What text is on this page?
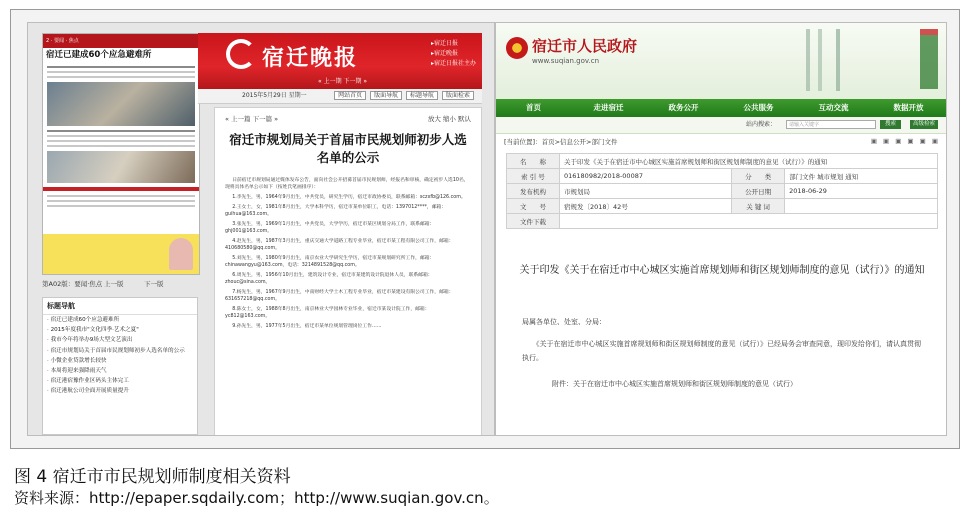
2 · 要闻 · 焦点
宿迁已建成60个应急避难所	宿迁晚报
▸宿迁日报
▸宿迁晚报
▸宿迁日报社主办
« 上一期 下一期 »
2015年5月29日 星期一	网站首页 版面导航 标题导航 版面检索
« 上一篇 下一篇 »	放大 缩小 默认
宿迁市规划局关于首届市民规划师初步人选名单的公示

日前宿迁市规划局通过媒体发布公告，面向社会公开招募首届市民规划师，经报名和审核，确定初步人选10名，现将具体名单公示如下（按姓氏笔画排序）：

1.李先生，男，1964年9月出生，中共党员，研究生学历，宿迁市政协委员，联系邮箱：sczxfb@126.com。

2.王女士，女，1981年8月出生，大学本科学历，宿迁市某单位职工，电话：1397012****，邮箱：guihua@163.com。

3.张先生，男，1969年1月出生，中共党员，大学学历，宿迁市某区规划分局工作，联系邮箱：ghj001@163.com。

4.赵先生，男，1987年3月出生，重庆交通大学道路工程专业毕业，宿迁市某工程有限公司工作，邮箱：410680580@qq.com。

5.刘先生，男，1980年9月出生，南京农业大学研究生学历，宿迁市某规划研究所工作，邮箱：chinawangyu@163.com，电话：3214891528@qq.com。

6.周先生，男，1956年10月出生，建筑设计专业，宿迁市某建筑设计院退休人员，联系邮箱：zhouc@sina.com。

7.杨先生，男，1967年9月出生，中南财经大学土木工程专业毕业，宿迁市某建设有限公司工作，邮箱：631657218@qq.com。

8.陈女士，女，1988年8月出生，南京林业大学园林专业毕业，宿迁市某设计院工作，邮箱：yc812@163.com。

9.孙先生，男，1977年5月出生，宿迁市某单位规划管理岗位工作……

第A02版：要闻·焦点 上一版	下一版
标题导航
· 宿迁已建成60个应急避难所
· 2015年度我市"文化四季·艺术之夏"
· 我市今年将举办9场大型文艺演出
· 宿迁市规划局关于首届市民规划师初步人选名单的公示
· 小微企业贷款增长较快
· 本周将迎来强降雨天气
· 宿迁港宿豫作业区码头主体完工
· 宿迁港航公司全面开展质量提升
宿迁市人民政府
www.suqian.gov.cn
首页	走进宿迁	政务公开	公共服务	互动交流	数据开放
站内搜索：	请输入关键字	搜索	高级检索
[当前位置]：首页>信息公开>部门文件	▣ ▣ ▣ ▣ ▣ ▣
名　　称	关于印发《关于在宿迁市中心城区实施首席规划师和街区规划师制度的意见（试行）》的通知		
索 引 号	016180982/2018-00087	分　　类	部门文件 城市规划 通知
发布机构	市规划局	公开日期	2018-06-29
文　　号	宿规发〔2018〕42号	关 键 词	
文件下载			
关于印发《关于在宿迁市中心城区实施首席规划师和街区规划师制度的意见（试行）》的通知

局属各单位、处室、分局：

《关于在宿迁市中心城区实施首席规划师和街区规划师制度的意见（试行）》已经局务会审查同意，现印发给你们，请认真贯彻执行。

附件：关于在宿迁市中心城区实施首席规划师和街区规划师制度的意见（试行）

图 4 宿迁市市民规划师制度相关资料
资料来源：http://epaper.sqdaily.com；http://www.suqian.gov.cn。
